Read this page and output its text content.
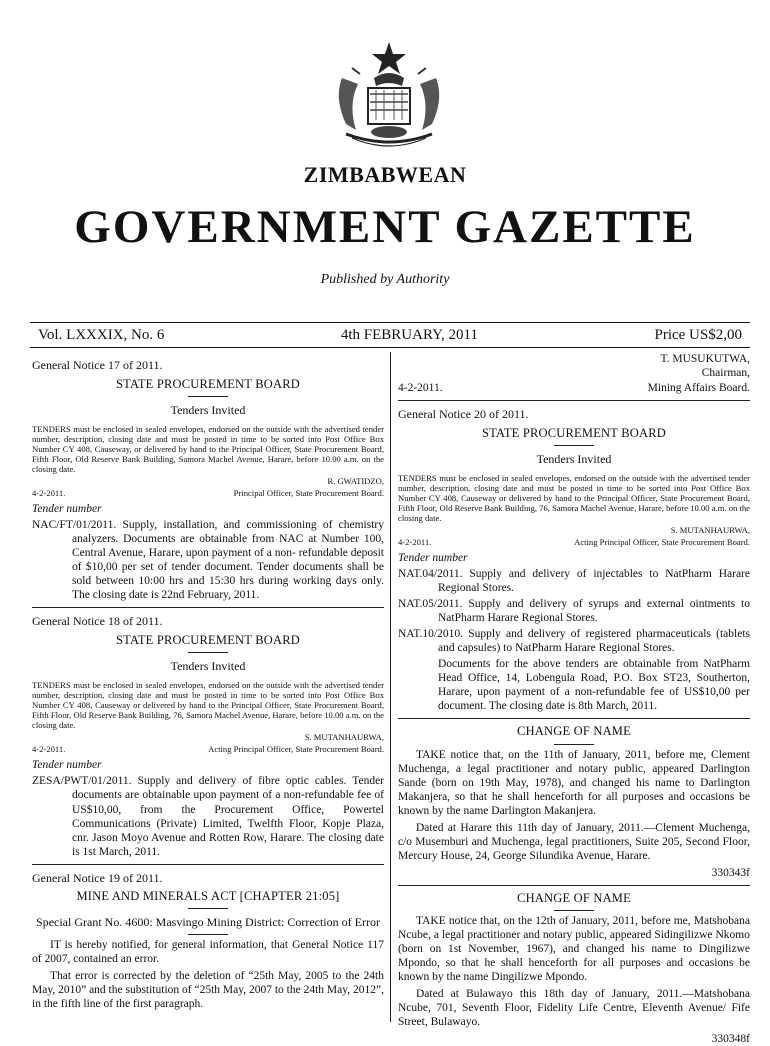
ZIMBABWEAN
GOVERNMENT GAZETTE
Published by Authority
Vol. LXXXIX, No. 6	4th FEBRUARY, 2011	Price US$2,00
General Notice 17 of 2011.
STATE PROCUREMENT BOARD
Tenders Invited
TENDERS must be enclosed in sealed envelopes, endorsed on the outside with the advertised tender number, description, closing date and must be posted in time to be sorted into Post Office Box Number CY 408, Causeway, or delivered by hand to the Principal Officer, State Procurement Board, Fifth Floor, Old Reserve Bank Building, Samora Machel Avenue, Harare, before 10.00 a.m. on the closing date.
R. GWATIDZO,
4-2-2011.	Principal Officer, State Procurement Board.
Tender number
NAC/FT/01/2011. Supply, installation, and commissioning of chemistry analyzers. Documents are obtainable from NAC at Number 100, Central Avenue, Harare, upon payment of a non- refundable deposit of $10,00 per set of tender document. Tender documents shall be sold between 10:00 hrs and 15:30 hrs during working days only. The closing date is 22nd February, 2011.
General Notice 18 of 2011.
STATE PROCUREMENT BOARD
Tenders Invited
TENDERS must be enclosed in sealed envelopes, endorsed on the outside with the advertised tender number, description, closing date and must be posted in time to be sorted into Post Office Box Number CY 408, Causeway or delivered by hand to the Principal Officer, State Procurement Board, Fifth Floor, Old Reserve Bank Building, 76, Samora Machel Avenue, Harare, before 10.00 a.m. on the closing date.
S. MUTANHAURWA,
4-2-2011.	Acting Principal Officer, State Procurement Board.
Tender number
ZESA/PWT/01/2011. Supply and delivery of fibre optic cables. Tender documents are obtainable upon payment of a non-refundable fee of US$10,00, from the Procurement Office, Powertel Communications (Private) Limited, Twelfth Floor, Kopje Plaza, cnr. Jason Moyo Avenue and Rotten Row, Harare. The closing date is 1st March, 2011.
General Notice 19 of 2011.
MINE AND MINERALS ACT [CHAPTER 21:05]
Special Grant No. 4600: Masvingo Mining District: Correction of Error
IT is hereby notified, for general information, that General Notice 117 of 2007, contained an error.
That error is corrected by the deletion of “25th May, 2005 to the 24th May, 2010” and the substitution of “25th May, 2007 to the 24th May, 2012”, in the fifth line of the first paragraph.
T. MUSUKUTWA,
Chairman,
4-2-2011.	Mining Affairs Board.
General Notice 20 of 2011.
STATE PROCUREMENT BOARD
Tenders Invited
TENDERS must be enclosed in sealed envelopes, endorsed on the outside with the advertised tender number, description, closing date and must be posted in time to be sorted into Post Office Box Number CY 408, Causeway or delivered by hand to the Principal Officer, State Procurement Board, Fifth Floor, Old Reserve Bank Building, 76, Samora Machel Avenue, Harare, before 10.00 a.m. on the closing date.
S. MUTANHAURWA,
4-2-2011.	Acting Principal Officer, State Procurement Board.
Tender number
NAT.04/2011. Supply and delivery of injectables to NatPharm Harare Regional Stores.
NAT.05/2011. Supply and delivery of syrups and external ointments to NatPharm Harare Regional Stores.
NAT.10/2010. Supply and delivery of registered pharmaceuticals (tablets and capsules) to NatPharm Harare Regional Stores.
Documents for the above tenders are obtainable from NatPharm Head Office, 14, Lobengula Road, P.O. Box ST23, Southerton, Harare, upon payment of a non-refundable fee of US$10,00 per document. The closing date is 8th March, 2011.
CHANGE OF NAME
TAKE notice that, on the 11th of January, 2011, before me, Clement Muchenga, a legal practitioner and notary public, appeared Darlington Sande (born on 19th May, 1978), and changed his name to Darlington Makanjera, so that he shall henceforth for all purposes and occasions be known by the name Darlington Makanjera.
Dated at Harare this 11th day of January, 2011.—Clement Muchenga, c/o Musemburi and Muchenga, legal practitioners, Suite 205, Second Floor, Mercury House, 24, George Silundika Avenue, Harare.
330343f
CHANGE OF NAME
TAKE notice that, on the 12th of January, 2011, before me, Matshobana Ncube, a legal practitioner and notary public, appeared Sidingilizwe Nkomo (born on 1st November, 1967), and changed his name to Dingilizwe Mpondo, so that he shall henceforth for all purposes and occasions be known by the name Dingilizwe Mpondo.
Dated at Bulawayo this 18th day of January, 2011.—Matshobana Ncube, 701, Seventh Floor, Fidelity Life Centre, Eleventh Avenue/ Fife Street, Bulawayo.
330348f
